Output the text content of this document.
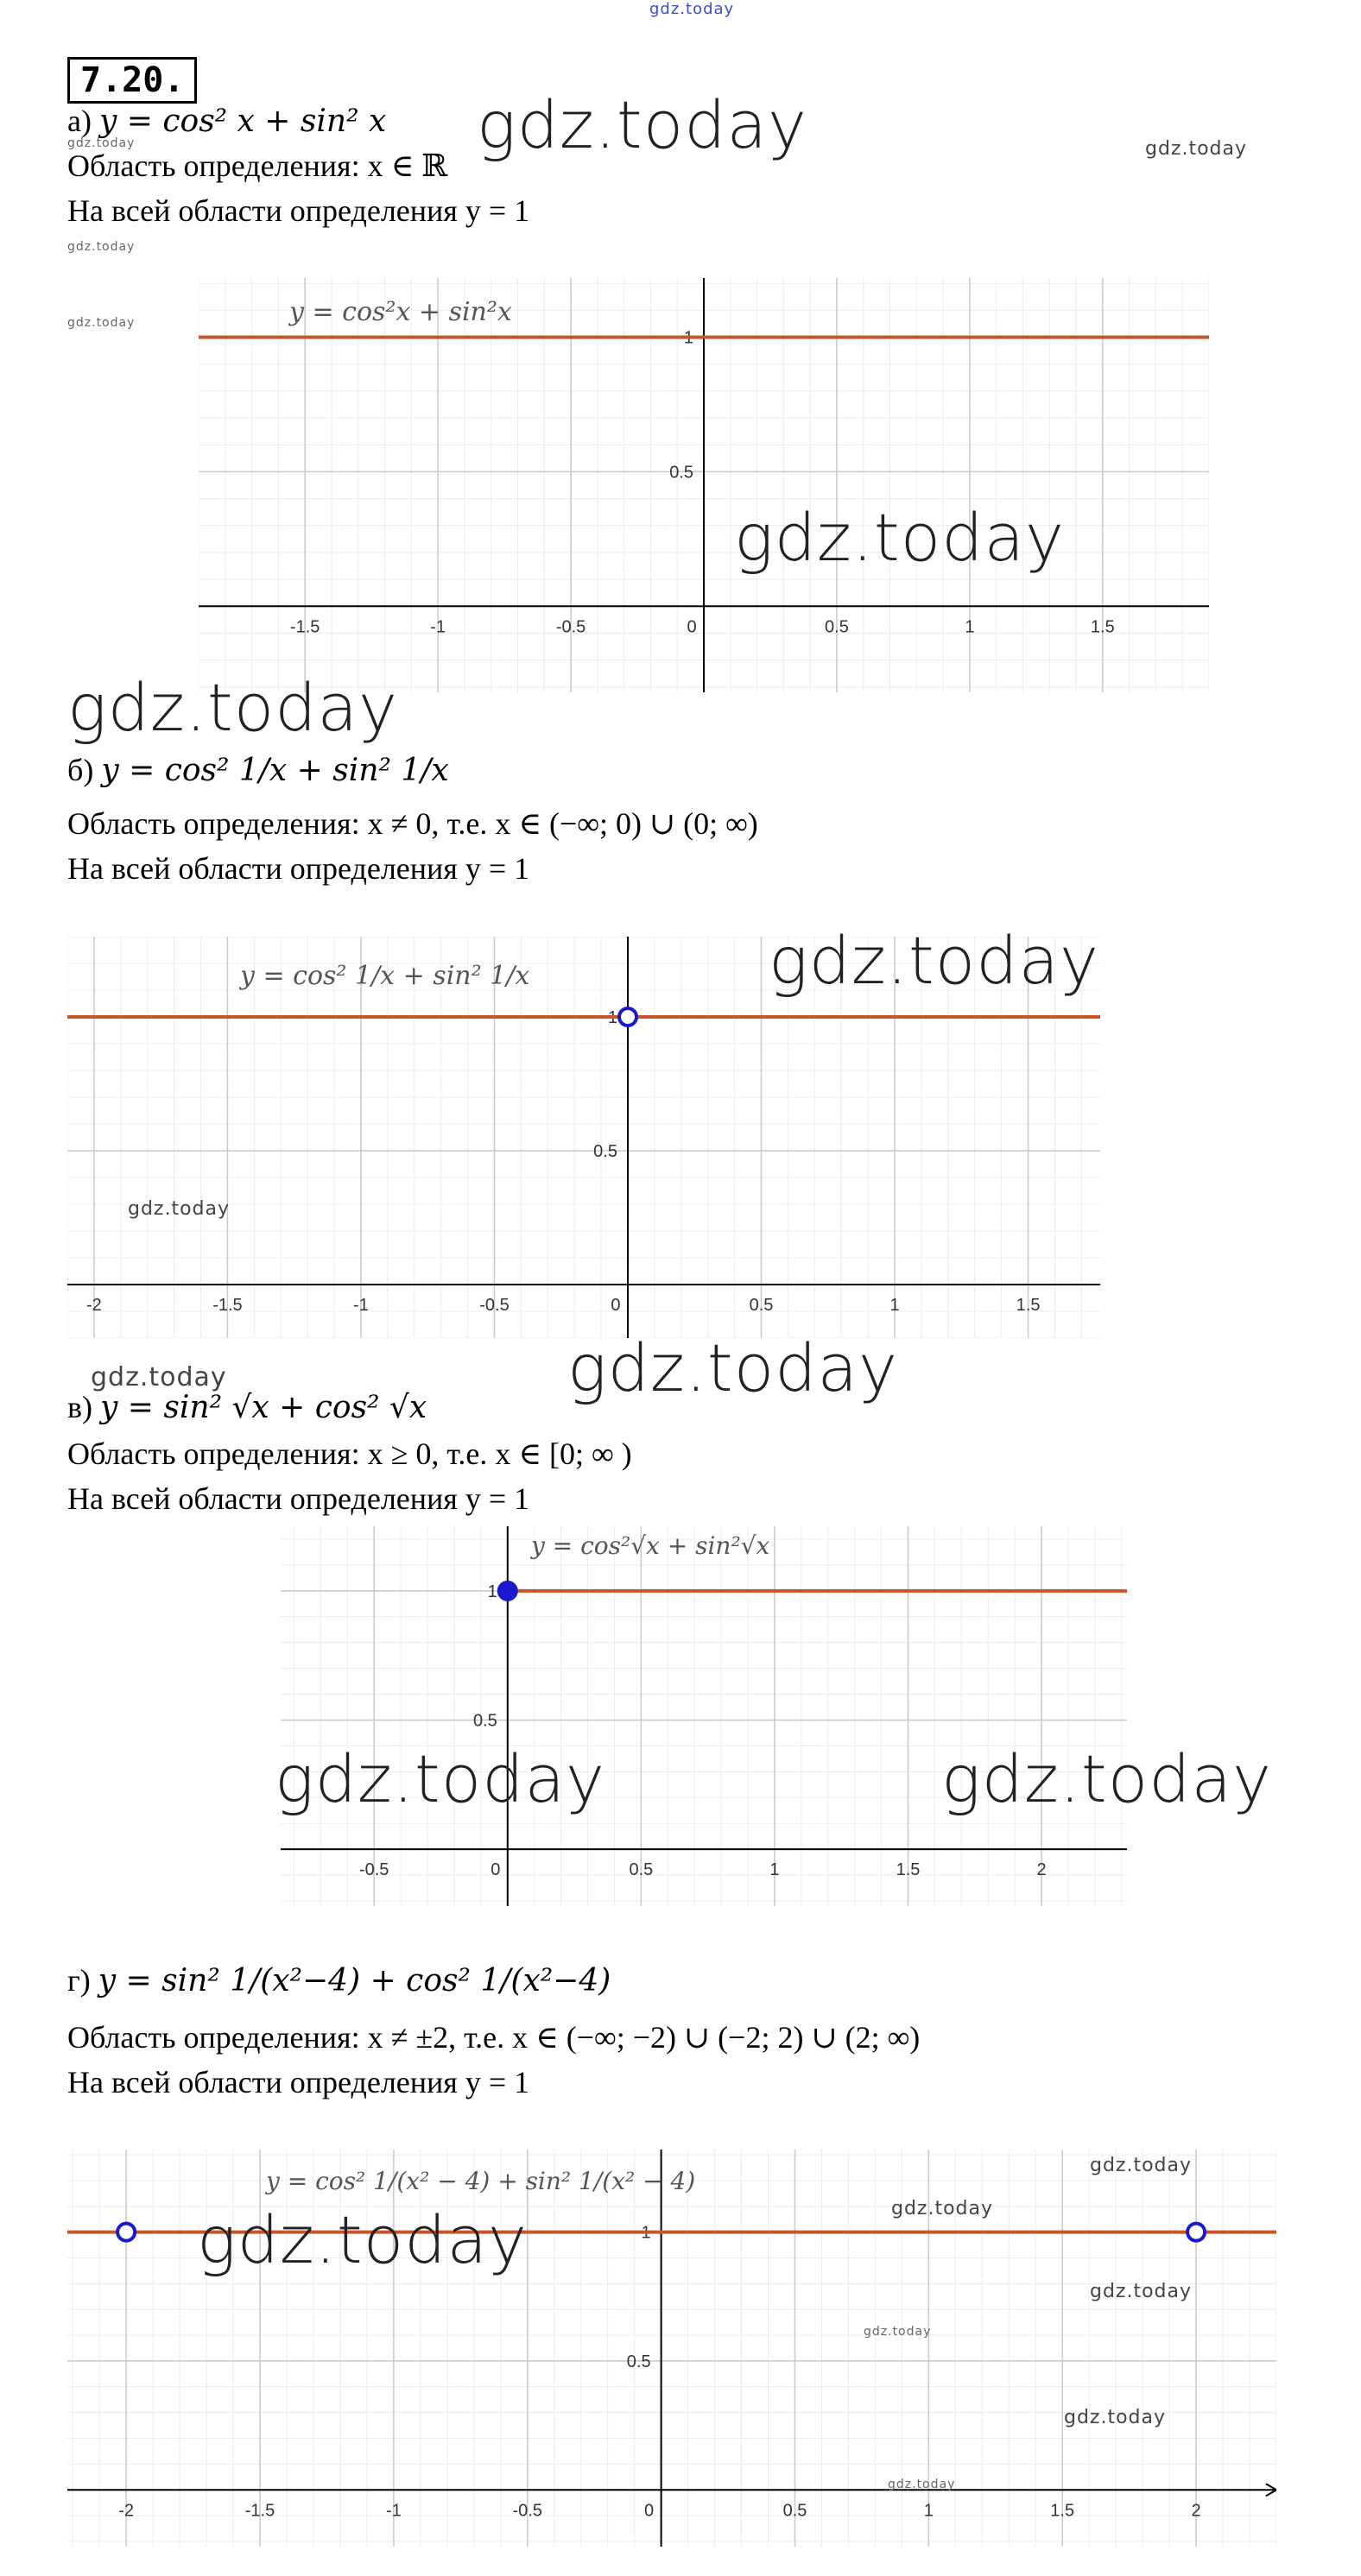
gdz.today
7.20.
а) y = cos² x + sin² x
Область определения: x ∈ ℝ
На всей области определения y = 1
gdz.today	gdz.today
gdz.today
gdz.today
gdz.today
-1.5	-1	-0.5	0	0.5	1	1.5
0.5
1
y = cos²x + sin²x
gdz.today
gdz.today
б) y = cos² 1/x + sin² 1/x
Область определения: x ≠ 0, т.е. x ∈ (−∞; 0) ∪ (0; ∞)
На всей области определения y = 1
-2	-1.5	-1	-0.5	0	0.5	1	1.5
0.5
1
y = cos² 1/x + sin² 1/x	gdz.today
gdz.today
gdz.today	gdz.today
в) y = sin² √x + cos² √x
Область определения: x ≥ 0, т.е. x ∈ [0; ∞ )
На всей области определения y = 1
-0.5	0	0.5	1	1.5	2
0.5
1
y = cos²√x + sin²√x
gdz.today	gdz.today
г) y = sin² 1/(x²−4) + cos² 1/(x²−4)
Область определения: x ≠ ±2, т.е. x ∈ (−∞; −2) ∪ (−2; 2) ∪ (2; ∞)
На всей области определения y = 1
-2	-1.5	-1	-0.5	0	0.5	1	1.5	2
0.5
1
y = cos² 1/(x² − 4) + sin² 1/(x² − 4)
gdz.today
gdz.today
gdz.today
gdz.today
gdz.today
gdz.today
gdz.today
